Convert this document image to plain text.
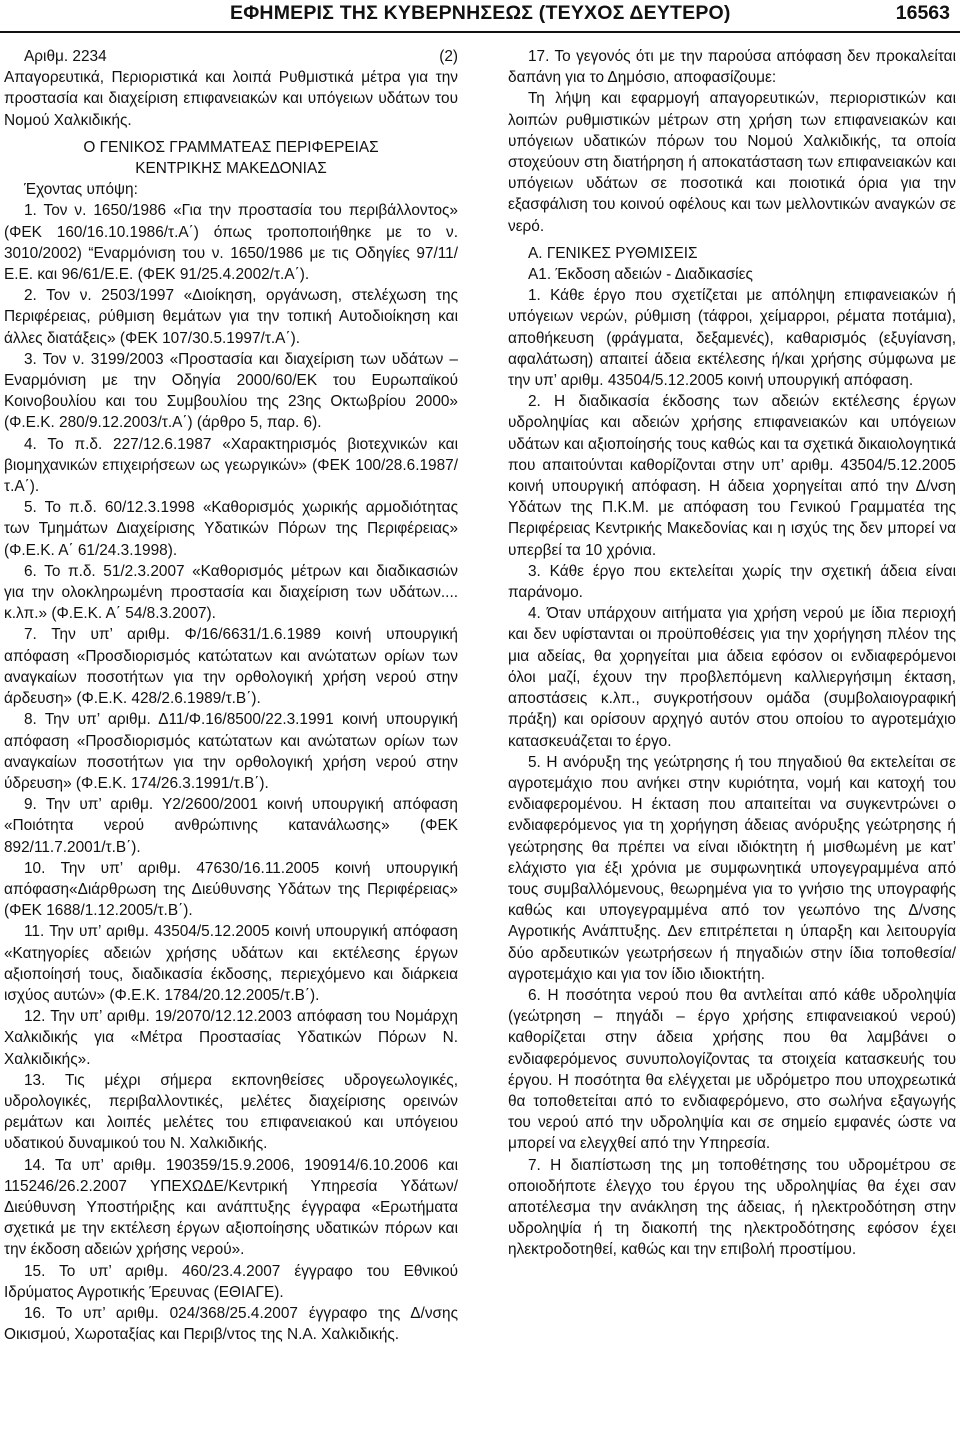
ΕΦΗΜΕΡΙΣ ΤΗΣ ΚΥΒΕΡΝΗΣΕΩΣ (ΤΕΥΧΟΣ ΔΕΥΤΕΡΟ)	16563

Αριθμ. 2234	(2)

Απαγορευτικά, Περιοριστικά και λοιπά Ρυθμιστικά μέτρα για την προστασία και διαχείριση επιφανειακών και υπόγειων υδάτων του Νομού Χαλκιδικής.

Ο ΓΕΝΙΚΟΣ ΓΡΑΜΜΑΤΕΑΣ ΠΕΡΙΦΕΡΕΙΑΣ

ΚΕΝΤΡΙΚΗΣ ΜΑΚΕΔΟΝΙΑΣ

Έχοντας υπόψη:

1. Τον ν. 1650/1986 «Για την προστασία του περιβάλλοντος» (ΦΕΚ 160/16.10.1986/τ.Α΄) όπως τροποποιήθηκε με το ν. 3010/2002) “Εναρμόνιση του ν. 1650/1986 με τις Οδηγίες 97/11/Ε.Ε. και 96/61/Ε.Ε. (ΦΕΚ 91/25.4.2002/τ.Α΄).

2. Τον ν. 2503/1997 «Διοίκηση, οργάνωση, στελέχωση της Περιφέρειας, ρύθμιση θεμάτων για την τοπική Αυτοδιοίκηση και άλλες διατάξεις» (ΦΕΚ 107/30.5.1997/τ.Α΄).

3. Τον ν. 3199/2003 «Προστασία και διαχείριση των υδάτων – Εναρμόνιση με την Οδηγία 2000/60/ΕΚ του Ευρωπαϊκού Κοινοβουλίου και του Συμβουλίου της 23ης Οκτωβρίου 2000» (Φ.Ε.Κ. 280/9.12.2003/τ.Α΄) (άρθρο 5, παρ. 6).

4. Το π.δ. 227/12.6.1987 «Χαρακτηρισμός βιοτεχνικών και βιομηχανικών επιχειρήσεων ως γεωργικών» (ΦΕΚ 100/28.6.1987/τ.Α΄).

5. Το π.δ. 60/12.3.1998 «Καθορισμός χωρικής αρμοδιότητας των Τμημάτων Διαχείρισης Υδατικών Πόρων της Περιφέρειας» (Φ.Ε.Κ. Α΄ 61/24.3.1998).

6. Το π.δ. 51/2.3.2007 «Καθορισμός μέτρων και διαδικασιών για την ολοκληρωμένη προστασία και διαχείριση των υδάτων.... κ.λπ.» (Φ.Ε.Κ. Α΄ 54/8.3.2007).

7. Την υπ’ αριθμ. Φ/16/6631/1.6.1989 κοινή υπουργική απόφαση «Προσδιορισμός κατώτατων και ανώτατων ορίων των αναγκαίων ποσοτήτων για την ορθολογική χρήση νερού στην άρδευση» (Φ.Ε.Κ. 428/2.6.1989/τ.Β΄).

8. Την υπ’ αριθμ. Δ11/Φ.16/8500/22.3.1991 κοινή υπουργική απόφαση «Προσδιορισμός κατώτατων και ανώτατων ορίων των αναγκαίων ποσοτήτων για την ορθολογική χρήση νερού στην ύδρευση» (Φ.Ε.Κ. 174/26.3.1991/τ.Β΄).

9. Την υπ’ αριθμ. Υ2/2600/2001 κοινή υπουργική απόφαση «Ποιότητα νερού ανθρώπινης κατανάλωσης» (ΦΕΚ 892/11.7.2001/τ.Β΄).

10. Την υπ’ αριθμ. 47630/16.11.2005 κοινή υπουργική απόφαση«Διάρθρωση της Διεύθυνσης Υδάτων της Περιφέρειας» (ΦΕΚ 1688/1.12.2005/τ.Β΄).

11. Την υπ’ αριθμ. 43504/5.12.2005 κοινή υπουργική απόφαση «Κατηγορίες αδειών χρήσης υδάτων και εκτέλεσης έργων αξιοποίησή τους, διαδικασία έκδοσης, περιεχόμενο και διάρκεια ισχύος αυτών» (Φ.Ε.Κ. 1784/20.12.2005/τ.Β΄).

12. Την υπ’ αριθμ. 19/2070/12.12.2003 απόφαση του Νομάρχη Χαλκιδικής για «Μέτρα Προστασίας Υδατικών Πόρων Ν. Χαλκιδικής».

13. Τις μέχρι σήμερα εκπονηθείσες υδρογεωλογικές, υδρολογικές, περιβαλλοντικές, μελέτες διαχείρισης ορεινών ρεμάτων και λοιπές μελέτες του επιφανειακού και υπόγειου υδατικού δυναμικού του Ν. Χαλκιδικής.

14. Τα υπ’ αριθμ. 190359/15.9.2006, 190914/6.10.2006 και 115246/26.2.2007 ΥΠΕΧΩΔΕ/Κεντρική Υπηρεσία Υδάτων/Διεύθυνση Υποστήριξης και ανάπτυξης έγγραφα «Ερωτήματα σχετικά με την εκτέλεση έργων αξιοποίησης υδατικών πόρων και την έκδοση αδειών χρήσης νερού».

15. Το υπ’ αριθμ. 460/23.4.2007 έγγραφο του Εθνικού Ιδρύματος Αγροτικής Έρευνας (ΕΘΙΑΓΕ).

16. Το υπ’ αριθμ. 024/368/25.4.2007 έγγραφο της Δ/νσης Οικισμού, Χωροταξίας και Περιβ/ντος της Ν.Α. Χαλκιδικής.

17. Το γεγονός ότι με την παρούσα απόφαση δεν προκαλείται δαπάνη για το Δημόσιο, αποφασίζουμε:

Τη λήψη και εφαρμογή απαγορευτικών, περιοριστικών και λοιπών ρυθμιστικών μέτρων στη χρήση των επιφανειακών και υπόγειων υδατικών πόρων του Νομού Χαλκιδικής, τα οποία στοχεύουν στη διατήρηση ή αποκατάσταση των επιφανειακών και υπόγειων υδάτων σε ποσοτικά και ποιοτικά όρια για την εξασφάλιση του κοινού οφέλους και των μελλοντικών αναγκών σε νερό.

Α. ΓΕΝΙΚΕΣ ΡΥΘΜΙΣΕΙΣ

Α1. Έκδοση αδειών - Διαδικασίες

1. Κάθε έργο που σχετίζεται με απόληψη επιφανειακών ή υπόγειων νερών, ρύθμιση (τάφροι, χείμαρροι, ρέματα ποτάμια), αποθήκευση (φράγματα, δεξαμενές), καθαρισμός (εξυγίανση, αφαλάτωση) απαιτεί άδεια εκτέλεσης ή/και χρήσης σύμφωνα με την υπ’ αριθμ. 43504/5.12.2005 κοινή υπουργική απόφαση.

2. Η διαδικασία έκδοσης των αδειών εκτέλεσης έργων υδροληψίας και αδειών χρήσης επιφανειακών και υπόγειων υδάτων και αξιοποίησής τους καθώς και τα σχετικά δικαιολογητικά που απαιτούνται καθορίζονται στην υπ’ αριθμ. 43504/5.12.2005 κοινή υπουργική απόφαση. Η άδεια χορηγείται από την Δ/νση Υδάτων της Π.Κ.Μ. με απόφαση του Γενικού Γραμματέα της Περιφέρειας Κεντρικής Μακεδονίας και η ισχύς της δεν μπορεί να υπερβεί τα 10 χρόνια.

3. Κάθε έργο που εκτελείται χωρίς την σχετική άδεια είναι παράνομο.

4. Όταν υπάρχουν αιτήματα για χρήση νερού με ίδια περιοχή και δεν υφίστανται οι προϋποθέσεις για την χορήγηση πλέον της μια αδείας, θα χορηγείται μια άδεια εφόσον οι ενδιαφερόμενοι όλοι μαζί, έχουν την προβλεπόμενη καλλιεργήσιμη έκταση, αποστάσεις κ.λπ., συγκροτήσουν ομάδα (συμβολαιογραφική πράξη) και ορίσουν αρχηγό αυτόν στου οποίου το αγροτεμάχιο κατασκευάζεται το έργο.

5. Η ανόρυξη της γεώτρησης ή του πηγαδιού θα εκτελείται σε αγροτεμάχιο που ανήκει στην κυριότητα, νομή και κατοχή του ενδιαφερομένου. Η έκταση που απαιτείται να συγκεντρώνει ο ενδιαφερόμενος για τη χορήγηση άδειας ανόρυξης γεώτρησης ή γεώτρησης θα πρέπει να είναι ιδιόκτητη ή μισθωμένη με κατ’ ελάχιστο για έξι χρόνια με συμφωνητικά υπογεγραμμένα από τους συμβαλλόμενους, θεωρημένα για το γνήσιο της υπογραφής καθώς και υπογεγραμμένα από τον γεωπόνο της Δ/νσης Αγροτικής Ανάπτυξης. Δεν επιτρέπεται η ύπαρξη και λειτουργία δύο αρδευτικών γεωτρήσεων ή πηγαδιών στην ίδια τοποθεσία/αγροτεμάχιο και για τον ίδιο ιδιοκτήτη.

6. Η ποσότητα νερού που θα αντλείται από κάθε υδροληψία (γεώτρηση – πηγάδι – έργο χρήσης επιφανειακού νερού) καθορίζεται στην άδεια χρήσης που θα λαμβάνει ο ενδιαφερόμενος συνυπολογίζοντας τα στοιχεία κατασκευής του έργου. Η ποσότητα θα ελέγχεται με υδρόμετρο που υποχρεωτικά θα τοποθετείται από το ενδιαφερόμενο, στο σωλήνα εξαγωγής του νερού από την υδροληψία και σε σημείο εμφανές ώστε να μπορεί να ελεγχθεί από την Υπηρεσία.

7. Η διαπίστωση της μη τοποθέτησης του υδρομέτρου σε οποιοδήποτε έλεγχο του έργου της υδροληψίας θα έχει σαν αποτέλεσμα την ανάκληση της άδειας, ή ηλεκτροδότηση στην υδροληψία ή τη διακοπή της ηλεκτροδότησης εφόσον έχει ηλεκτροδοτηθεί, καθώς και την επιβολή προστίμου.
